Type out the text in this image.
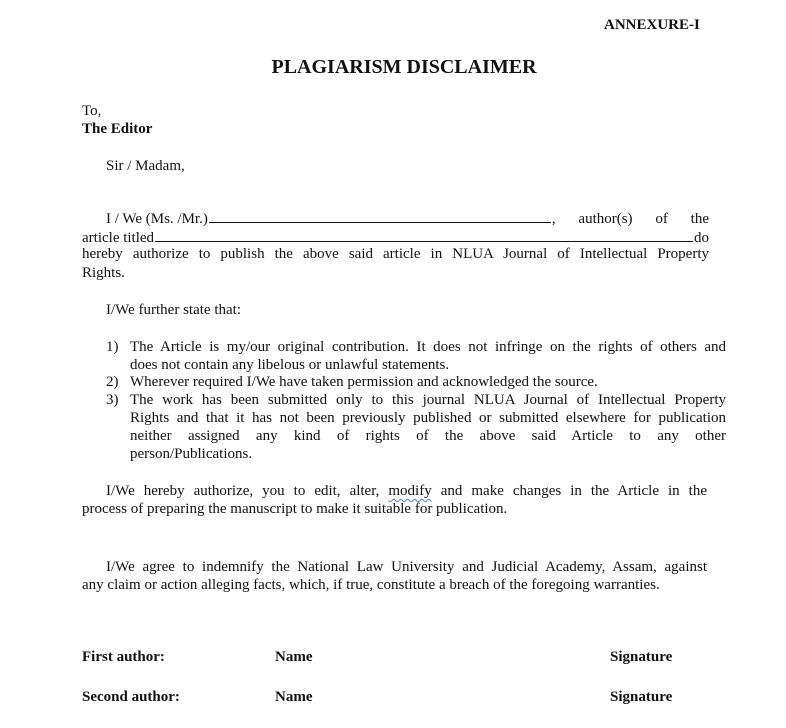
ANNEXURE-I
PLAGIARISM DISCLAIMER
To,
The Editor
Sir / Madam,
I / We (Ms. /Mr.)	, author(s) of the
article titled	do
hereby authorize to publish the above said article in NLUA Journal of Intellectual Property
Rights.
I/We further state that:
1) The Article is my/our original contribution. It does not infringe on the rights of others and
does not contain any libelous or unlawful statements.
2) Wherever required I/We have taken permission and acknowledged the source.
3) The work has been submitted only to this journal NLUA Journal of Intellectual Property
Rights and that it has not been previously published or submitted elsewhere for publication
neither assigned any kind of rights of the above said Article to any other
person/Publications.
I/We hereby authorize, you to edit, alter, modify and make changes in the Article in the
process of preparing the manuscript to make it suitable for publication.
I/We agree to indemnify the National Law University and Judicial Academy, Assam, against
any claim or action alleging facts, which, if true, constitute a breach of the foregoing warranties.
First author:	Name	Signature
Second author:	Name	Signature
